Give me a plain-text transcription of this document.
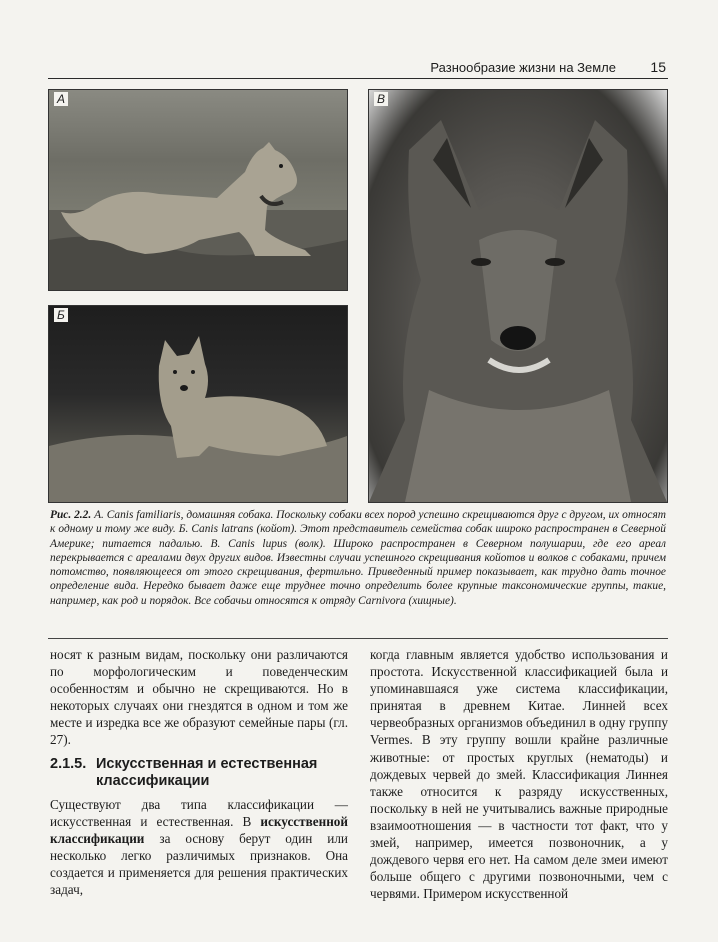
Разнообразие жизни на Земле 15
А
Б
В
Рис. 2.2. А. Canis familiaris, домашняя собака. Поскольку собаки всех пород успешно скрещиваются друг с другом, их относят к одному и тому же виду. Б. Canis latrans (койот). Этот представитель семейства собак широко распространен в Северной Америке; питается падалью. В. Canis lupus (волк). Широко распространен в Северном полушарии, где его ареал перекрывается с ареалами двух других видов. Известны случаи успешного скрещивания койотов и волков с собаками, причем потомство, появляющееся от этого скрещивания, фертильно. Приведенный пример показывает, как трудно дать точное определение вида. Нередко бывает даже еще труднее точно определить более крупные таксономические группы, такие, например, как род и порядок. Все собачьи относятся к отряду Carnivora (хищные).
носят к разным видам, поскольку они различаются по морфологическим и поведенческим особенностям и обычно не скрещиваются. Но в некоторых случаях они гнездятся в одном и том же месте и изредка все же образуют семейные пары (гл. 27).
2.1.5. Искусственная и естественная
классификации
Существуют два типа классификации — искусственная и естественная. В искусственной классификации за основу берут один или несколько легко различимых признаков. Она создается и применяется для решения практических задач,
когда главным является удобство использования и простота. Искусственной классификацией была и упоминавшаяся уже система классификации, принятая в древнем Китае. Линней всех червеобразных организмов объединил в одну группу Vermes. В эту группу вошли крайне различные животные: от простых круглых (нематоды) и дождевых червей до змей. Классификация Линнея также относится к разряду искусственных, поскольку в ней не учитывались важные природные взаимоотношения — в частности тот факт, что у змей, например, имеется позвоночник, а у дождевого червя его нет. На самом деле змеи имеют больше общего с другими позвоночными, чем с червями. Примером искусственной
